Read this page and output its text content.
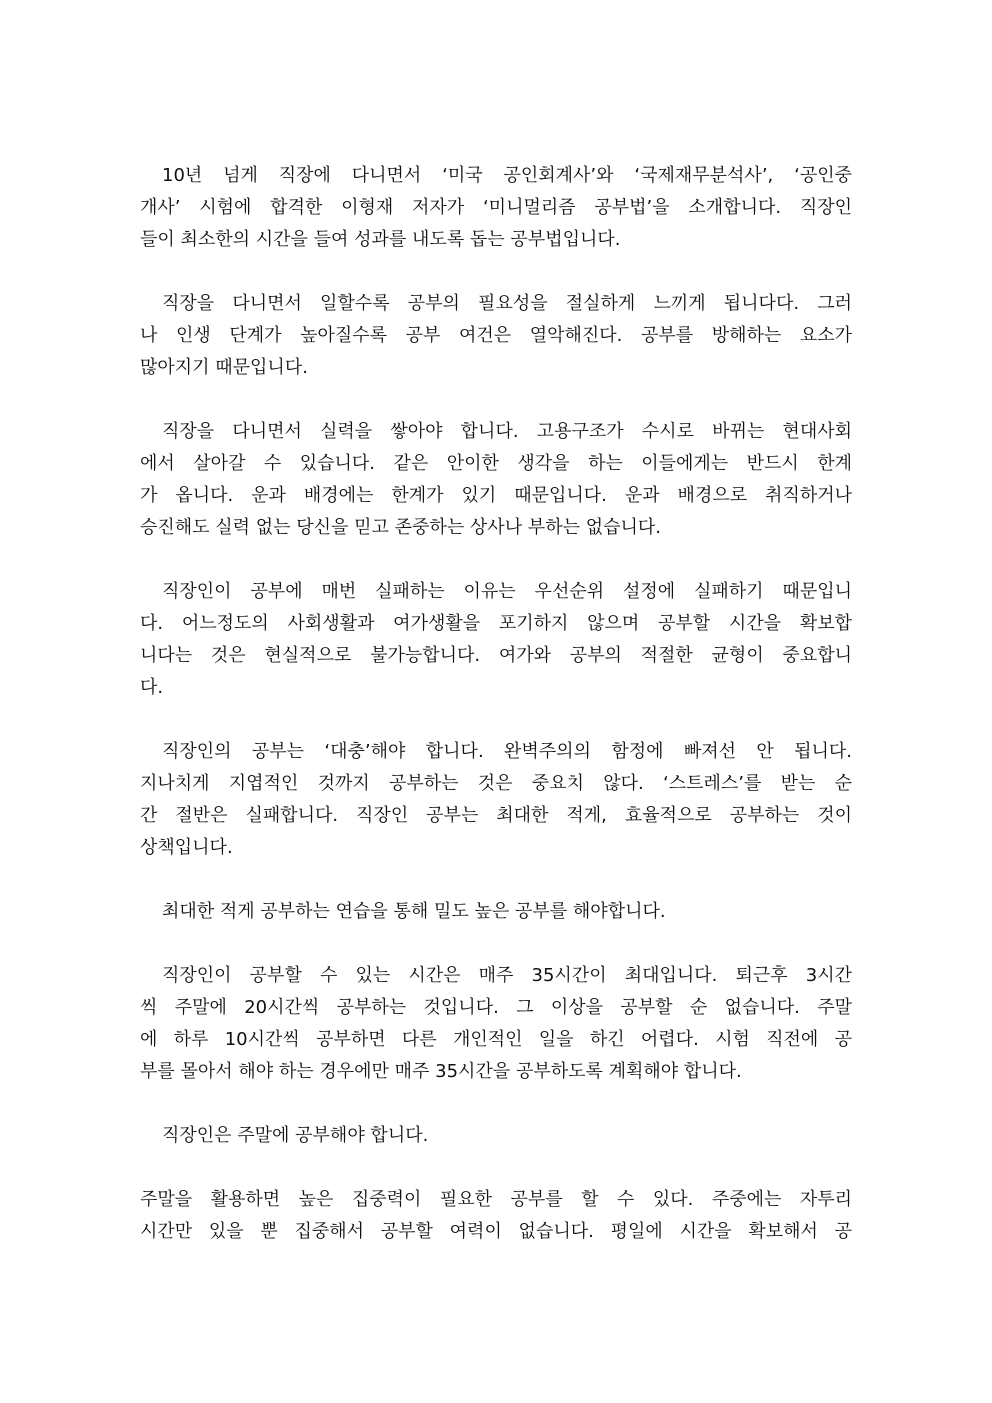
10년 넘게 직장에 다니면서 ‘미국 공인회계사’와 ‘국제재무분석사’, ‘공인중
개사’ 시험에 합격한 이형재 저자가 ‘미니멀리즘 공부법’을 소개합니다. 직장인
들이 최소한의 시간을 들여 성과를 내도록 돕는 공부법입니다.
직장을 다니면서 일할수록 공부의 필요성을 절실하게 느끼게 됩니다다. 그러
나 인생 단계가 높아질수록 공부 여건은 열악해진다. 공부를 방해하는 요소가
많아지기 때문입니다.
직장을 다니면서 실력을 쌓아야 합니다. 고용구조가 수시로 바뀌는 현대사회
에서 살아갈 수 있습니다. 같은 안이한 생각을 하는 이들에게는 반드시 한계
가 옵니다. 운과 배경에는 한계가 있기 때문입니다. 운과 배경으로 취직하거나
승진해도 실력 없는 당신을 믿고 존중하는 상사나 부하는 없습니다.
직장인이 공부에 매번 실패하는 이유는 우선순위 설정에 실패하기 때문입니
다. 어느정도의 사회생활과 여가생활을 포기하지 않으며 공부할 시간을 확보합
니다는 것은 현실적으로 불가능합니다. 여가와 공부의 적절한 균형이 중요합니
다.
직장인의 공부는 ‘대충’해야 합니다. 완벽주의의 함정에 빠져선 안 됩니다.
지나치게 지엽적인 것까지 공부하는 것은 중요치 않다. ‘스트레스’를 받는 순
간 절반은 실패합니다. 직장인 공부는 최대한 적게, 효율적으로 공부하는 것이
상책입니다.
최대한 적게 공부하는 연습을 통해 밀도 높은 공부를 해야합니다.
직장인이 공부할 수 있는 시간은 매주 35시간이 최대입니다. 퇴근후 3시간
씩 주말에 20시간씩 공부하는 것입니다. 그 이상을 공부할 순 없습니다. 주말
에 하루 10시간씩 공부하면 다른 개인적인 일을 하긴 어렵다. 시험 직전에 공
부를 몰아서 해야 하는 경우에만 매주 35시간을 공부하도록 계획해야 합니다.
직장인은 주말에 공부해야 합니다.
주말을 활용하면 높은 집중력이 필요한 공부를 할 수 있다. 주중에는 자투리
시간만 있을 뿐 집중해서 공부할 여력이 없습니다. 평일에 시간을 확보해서 공
